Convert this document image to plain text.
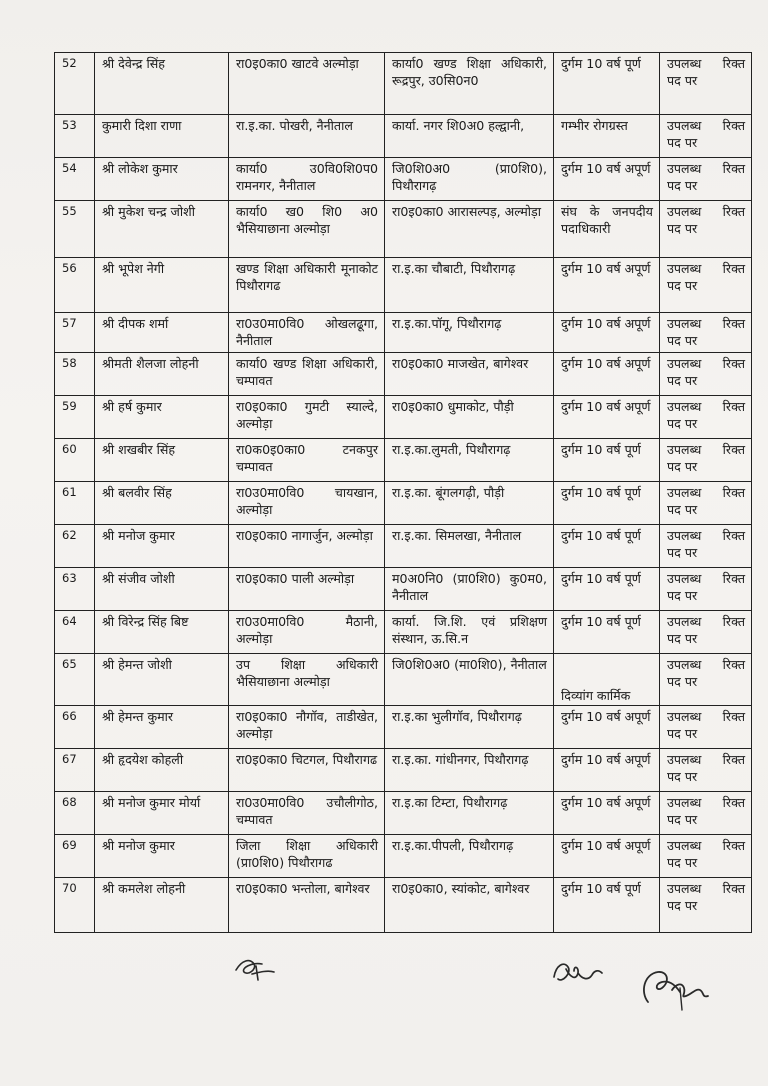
52	श्री देवेन्द्र सिंह	रा0इ0का0 खाटवे अल्मोड़ा	कार्या0 खण्ड शिक्षा अधिकारी, रूद्रपुर, उ0सि0न0	दुर्गम 10 वर्ष पूर्ण	उपलब्ध रिक्त पद पर
53	कुमारी दिशा राणा	रा.इ.का. पोखरी, नैनीताल	कार्या. नगर शि0अ0 हल्द्वानी,	गम्भीर रोगग्रस्त	उपलब्ध रिक्त पद पर
54	श्री लोकेश कुमार	कार्या0 उ0वि0शि0प0 रामनगर, नैनीताल	जि0शि0अ0 (प्रा0शि0), पिथौरागढ़	दुर्गम 10 वर्ष अपूर्ण	उपलब्ध रिक्त पद पर
55	श्री मुकेश चन्द्र जोशी	कार्या0 ख0 शि0 अ0 भैसियाछाना अल्मोड़ा	रा0इ0का0 आरासल्पड़, अल्मोड़ा	संघ के जनपदीय पदाधिकारी	उपलब्ध रिक्त पद पर
56	श्री भूपेश नेगी	खण्ड शिक्षा अधिकारी मूनाकोट पिथौरागढ	रा.इ.का चौबाटी, पिथौरागढ़	दुर्गम 10 वर्ष अपूर्ण	उपलब्ध रिक्त पद पर
57	श्री दीपक शर्मा	रा0उ0मा0वि0 ओखलढूगा, नैनीताल	रा.इ.का.पॉगू, पिथौरागढ़	दुर्गम 10 वर्ष अपूर्ण	उपलब्ध रिक्त पद पर
58	श्रीमती शैलजा लोहनी	कार्या0 खण्ड शिक्षा अधिकारी, चम्पावत	रा0इ0का0 माजखेत, बागेश्वर	दुर्गम 10 वर्ष अपूर्ण	उपलब्ध रिक्त पद पर
59	श्री हर्ष कुमार	रा0इ0का0 गुमटी स्याल्दे, अल्मोड़ा	रा0इ0का0 धुमाकोट, पौड़ी	दुर्गम 10 वर्ष अपूर्ण	उपलब्ध रिक्त पद पर
60	श्री शखबीर सिंह	रा0क0इ0का0 टनकपुर चम्पावत	रा.इ.का.लुमती, पिथौरागढ़	दुर्गम 10 वर्ष पूर्ण	उपलब्ध रिक्त पद पर
61	श्री बलवीर सिंह	रा0उ0मा0वि0 चायखान, अल्मोड़ा	रा.इ.का. बूंगलगढ़ी, पौड़ी	दुर्गम 10 वर्ष पूर्ण	उपलब्ध रिक्त पद पर
62	श्री मनोज कुमार	रा0इ0का0 नागार्जुन, अल्मोड़ा	रा.इ.का. सिमलखा, नैनीताल	दुर्गम 10 वर्ष पूर्ण	उपलब्ध रिक्त पद पर
63	श्री संजीव जोशी	रा0इ0का0 पाली अल्मोड़ा	म0अ0नि0 (प्रा0शि0) कु0म0, नैनीताल	दुर्गम 10 वर्ष पूर्ण	उपलब्ध रिक्त पद पर
64	श्री विरेन्द्र सिंह बिष्ट	रा0उ0मा0वि0 मैठानी, अल्मोड़ा	कार्या. जि.शि. एवं प्रशिक्षण संस्थान, ऊ.सि.न	दुर्गम 10 वर्ष पूर्ण	उपलब्ध रिक्त पद पर
65	श्री हेमन्त जोशी	उप शिक्षा अधिकारी भैसियाछाना अल्मोड़ा	जि0शि0अ0 (मा0शि0), नैनीताल	दिव्यांग कार्मिक	उपलब्ध रिक्त पद पर
66	श्री हेमन्त कुमार	रा0इ0का0 नौगॉव, ताडीखेत, अल्मोड़ा	रा.इ.का भुलीगॉव, पिथौरागढ़	दुर्गम 10 वर्ष अपूर्ण	उपलब्ध रिक्त पद पर
67	श्री हृदयेश कोहली	रा0इ0का0 चिटगल, पिथौरागढ	रा.इ.का. गांधीनगर, पिथौरागढ़	दुर्गम 10 वर्ष अपूर्ण	उपलब्ध रिक्त पद पर
68	श्री मनोज कुमार मोर्या	रा0उ0मा0वि0 उचौलीगोठ, चम्पावत	रा.इ.का टिम्टा, पिथौरागढ़	दुर्गम 10 वर्ष अपूर्ण	उपलब्ध रिक्त पद पर
69	श्री मनोज कुमार	जिला शिक्षा अधिकारी (प्रा0शि0) पिथौरागढ	रा.इ.का.पीपली, पिथौरागढ़	दुर्गम 10 वर्ष अपूर्ण	उपलब्ध रिक्त पद पर
70	श्री कमलेश लोहनी	रा0इ0का0 भन्तोला, बागेश्वर	रा0इ0का0, स्यांकोट, बागेश्वर	दुर्गम 10 वर्ष पूर्ण	उपलब्ध रिक्त पद पर
